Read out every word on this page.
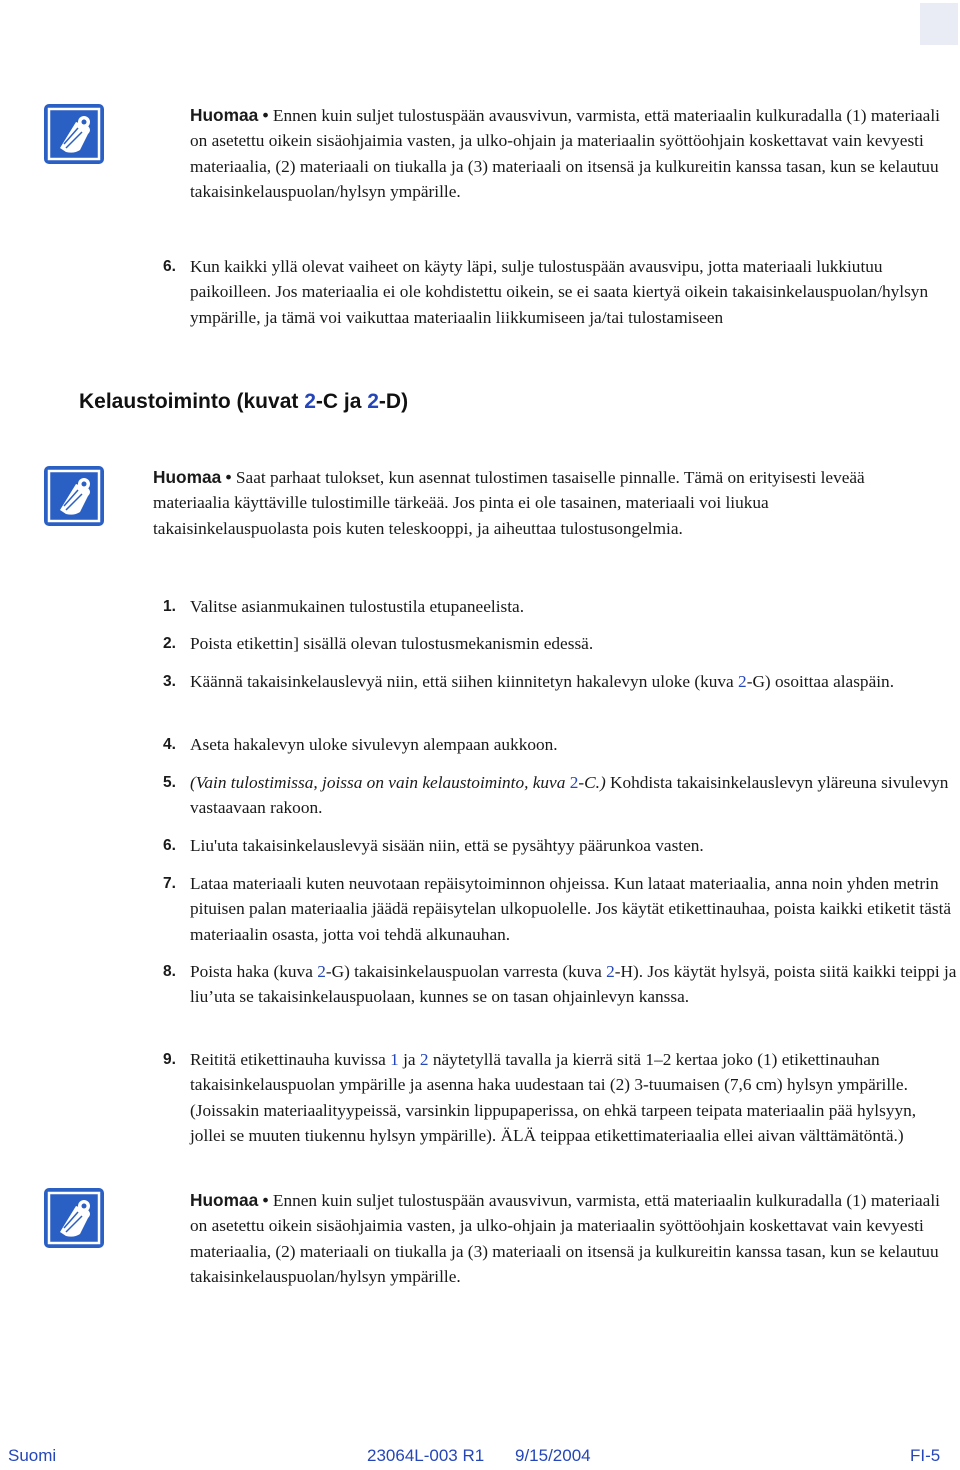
Huomaa • Ennen kuin suljet tulostuspään avausvivun, varmista, että materiaalin kulkuradalla (1) materiaali on asetettu oikein sisäohjaimia vasten, ja ulko-ohjain ja materiaalin syöttöohjain koskettavat vain kevyesti materiaalia, (2) materiaali on tiukalla ja (3) materiaali on itsensä ja kulkureitin kanssa tasan, kun se kelautuu takaisinkelauspuolan/hylsyn ympärille.
6. Kun kaikki yllä olevat vaiheet on käyty läpi, sulje tulostuspään avausvipu, jotta materiaali lukkiutuu paikoilleen. Jos materiaalia ei ole kohdistettu oikein, se ei saata kiertyä oikein takaisinkelauspuolan/hylsyn ympärille, ja tämä voi vaikuttaa materiaalin liikkumiseen ja/tai tulostamiseen
Kelaustoiminto (kuvat 2-C ja 2-D)
Huomaa • Saat parhaat tulokset, kun asennat tulostimen tasaiselle pinnalle. Tämä on erityisesti leveää materiaalia käyttäville tulostimille tärkeää. Jos pinta ei ole tasainen, materiaali voi liukua takaisinkelauspuolasta pois kuten teleskooppi, ja aiheuttaa tulostusongelmia.
1. Valitse asianmukainen tulostustila etupaneelista.
2. Poista etikettin] sisällä olevan tulostusmekanismin edessä.
3. Käännä takaisinkelauslevyä niin, että siihen kiinnitetyn hakalevyn uloke (kuva 2-G) osoittaa alaspäin.
4. Aseta hakalevyn uloke sivulevyn alempaan aukkoon.
5. (Vain tulostimissa, joissa on vain kelaustoiminto, kuva 2-C.) Kohdista takaisinkelauslevyn yläreuna sivulevyn vastaavaan rakoon.
6. Liu'uta takaisinkelauslevyä sisään niin, että se pysähtyy päärunkoa vasten.
7. Lataa materiaali kuten neuvotaan repäisytoiminnon ohjeissa. Kun lataat materiaalia, anna noin yhden metrin pituisen palan materiaalia jäädä repäisytelan ulkopuolelle. Jos käytät etikettinauhaa, poista kaikki etiketit tästä materiaalin osasta, jotta voi tehdä alkunauhan.
8. Poista haka (kuva 2-G) takaisinkelauspuolan varresta (kuva 2-H). Jos käytät hylsyä, poista siitä kaikki teippi ja liu’uta se takaisinkelauspuolaan, kunnes se on tasan ohjainlevyn kanssa.
9. Reititä etikettinauha kuvissa 1 ja 2 näytetyllä tavalla ja kierrä sitä 1–2 kertaa joko (1) etikettinauhan takaisinkelauspuolan ympärille ja asenna haka uudestaan tai (2) 3-tuumaisen (7,6 cm) hylsyn ympärille. (Joissakin materiaalityypeissä, varsinkin lippupaperissa, on ehkä tarpeen teipata materiaalin pää hylsyyn, jollei se muuten tiukennu hylsyn ympärille). ÄLÄ teippaa etikettimateriaalia ellei aivan välttämätöntä.)
Huomaa • Ennen kuin suljet tulostuspään avausvivun, varmista, että materiaalin kulkuradalla (1) materiaali on asetettu oikein sisäohjaimia vasten, ja ulko-ohjain ja materiaalin syöttöohjain koskettavat vain kevyesti materiaalia, (2) materiaali on tiukalla ja (3) materiaali on itsensä ja kulkureitin kanssa tasan, kun se kelautuu takaisinkelauspuolan/hylsyn ympärille.
Suomi	23064L-003 R1 9/15/2004	FI-5
